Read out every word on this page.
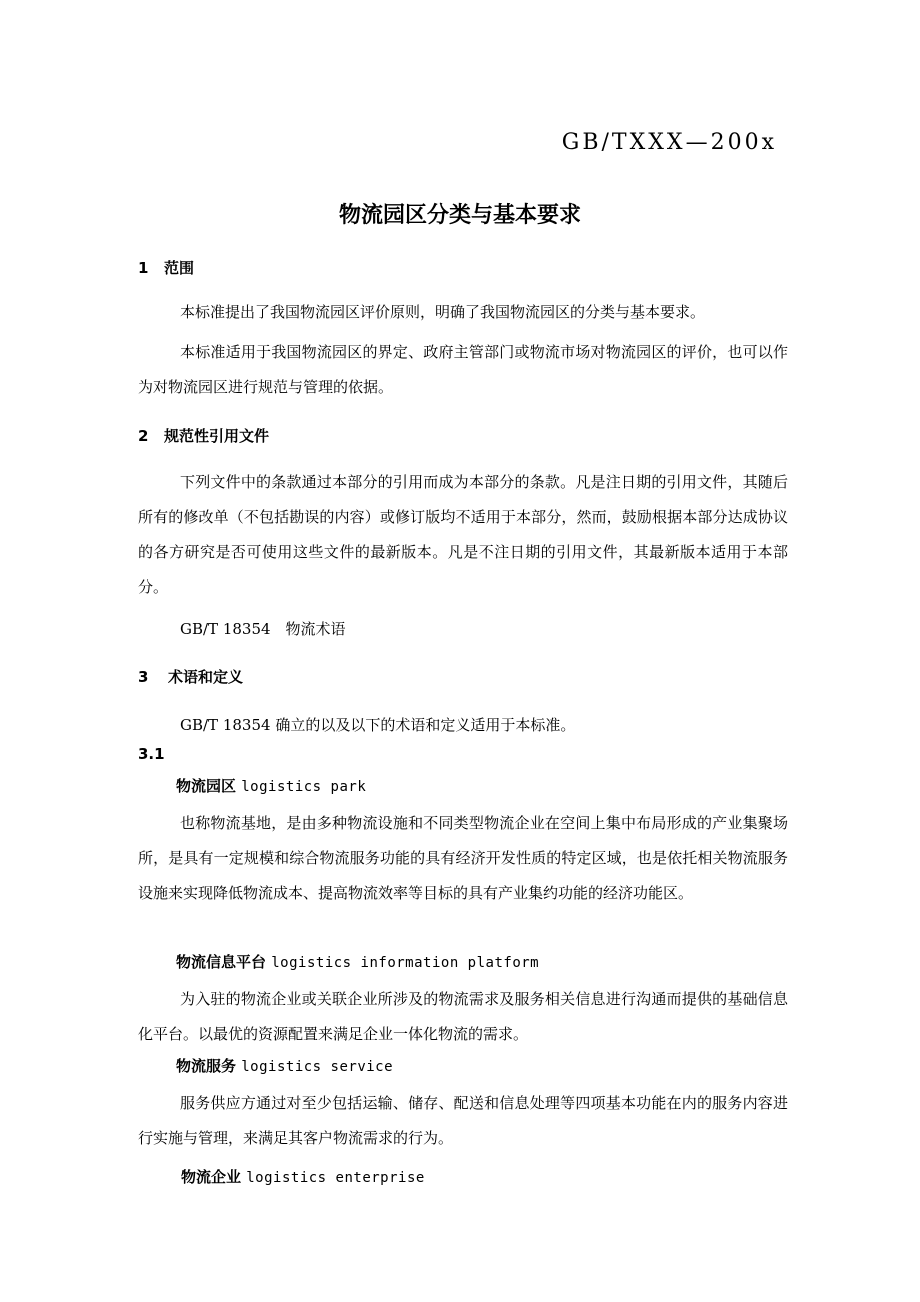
GB/TXXX—200x
物流园区分类与基本要求
1 范围
本标准提出了我国物流园区评价原则，明确了我国物流园区的分类与基本要求。
本标准适用于我国物流园区的界定、政府主管部门或物流市场对物流园区的评价，也可以作为对物流园区进行规范与管理的依据。
2 规范性引用文件
下列文件中的条款通过本部分的引用而成为本部分的条款。凡是注日期的引用文件，其随后所有的修改单（不包括勘误的内容）或修订版均不适用于本部分，然而，鼓励根据本部分达成协议的各方研究是否可使用这些文件的最新版本。凡是不注日期的引用文件，其最新版本适用于本部分。
GB/T 18354　物流术语
3 术语和定义
GB/T 18354 确立的以及以下的术语和定义适用于本标准。
3.1
物流园区 logistics park
也称物流基地，是由多种物流设施和不同类型物流企业在空间上集中布局形成的产业集聚场所，是具有一定规模和综合物流服务功能的具有经济开发性质的特定区域，也是依托相关物流服务设施来实现降低物流成本、提高物流效率等目标的具有产业集约功能的经济功能区。
物流信息平台 logistics information platform
为入驻的物流企业或关联企业所涉及的物流需求及服务相关信息进行沟通而提供的基础信息化平台。以最优的资源配置来满足企业一体化物流的需求。
物流服务 logistics service
服务供应方通过对至少包括运输、储存、配送和信息处理等四项基本功能在内的服务内容进行实施与管理，来满足其客户物流需求的行为。
物流企业 logistics enterprise
